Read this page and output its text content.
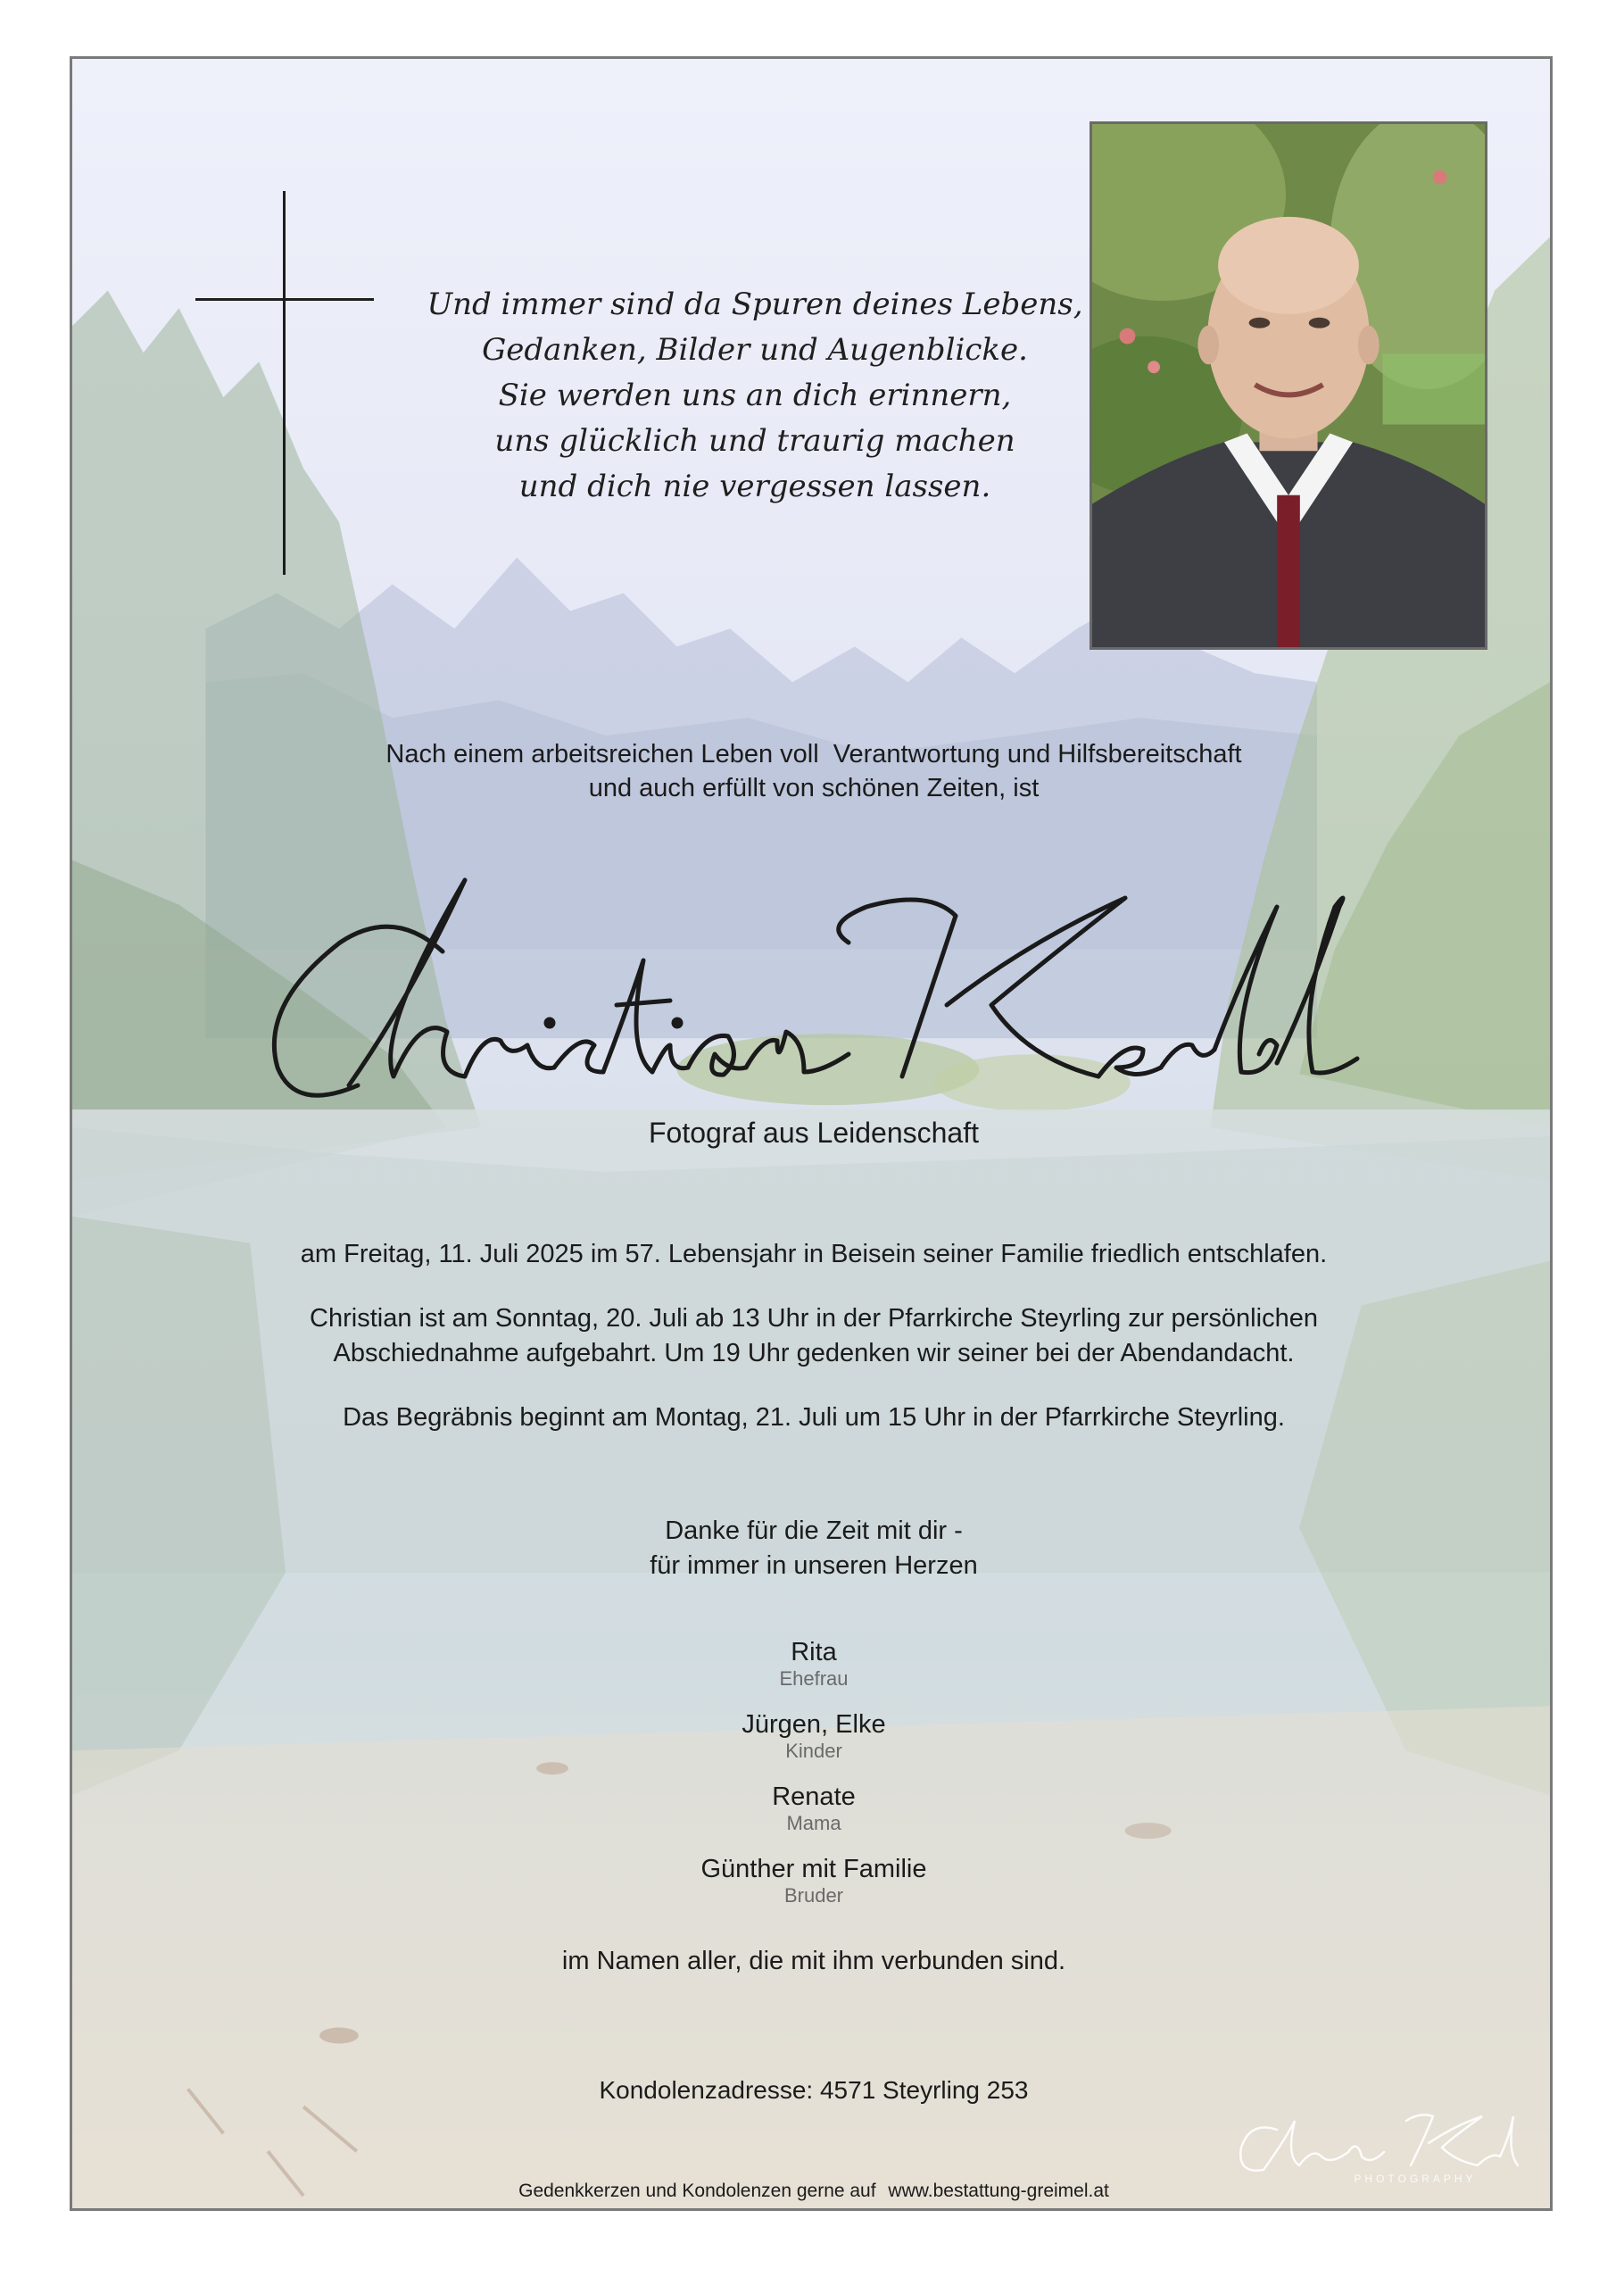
Und immer sind da Spuren deines Lebens,
Gedanken, Bilder und Augenblicke.
Sie werden uns an dich erinnern,
uns glücklich und traurig machen
und dich nie vergessen lassen.
Nach einem arbeitsreichen Leben voll  Verantwortung und Hilfsbereitschaft
und auch erfüllt von schönen Zeiten, ist
Fotograf aus Leidenschaft
am Freitag, 11. Juli 2025 im 57. Lebensjahr in Beisein seiner Familie friedlich entschlafen.
Christian ist am Sonntag, 20. Juli ab 13 Uhr in der Pfarrkirche Steyrling zur persönlichen
Abschiednahme aufgebahrt. Um 19 Uhr gedenken wir seiner bei der Abendandacht.
Das Begräbnis beginnt am Montag, 21. Juli um 15 Uhr in der Pfarrkirche Steyrling.
Danke für die Zeit mit dir -
für immer in unseren Herzen
Rita
Ehefrau
Jürgen, Elke
Kinder
Renate
Mama
Günther mit Familie
Bruder
im Namen aller, die mit ihm verbunden sind.
Kondolenzadresse: 4571 Steyrling 253
PHOTOGRAPHY
Gedenkkerzen und Kondolenzen gerne auf www.bestattung-greimel.at
